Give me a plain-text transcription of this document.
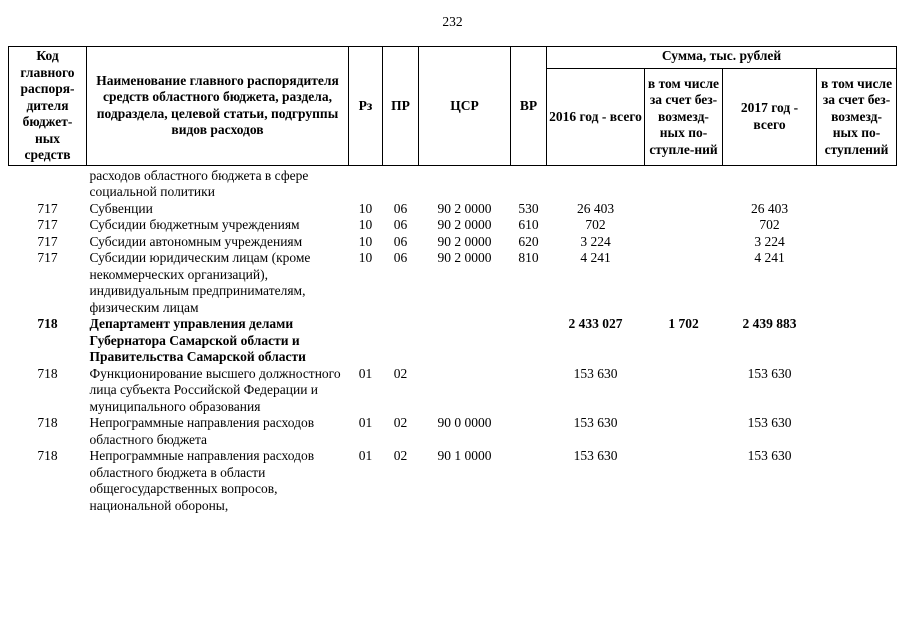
232
Код главного распоря-дителя бюджет-ных средств	Наименование главного распорядителя средств областного бюджета, раздела, подраздела, целевой статьи, подгруппы видов расходов	Рз	ПР	ЦСР	ВР	Сумма, тыс. рублей			
						2016 год - всего	в том числе за счет без-возмезд-ных по-ступле-ний	2017 год - всего	в том числе за счет без-возмезд-ных по-ступлений

	расходов областного бюджета в сфере социальной политики								
717	Субвенции	10	06	90 2 0000	530	26 403		26 403	
717	Субсидии бюджетным учреждениям	10	06	90 2 0000	610	702		702	
717	Субсидии автономным учреждениям	10	06	90 2 0000	620	3 224		3 224	
717	Субсидии юридическим лицам (кроме некоммерческих организаций), индивидуальным предпринимателям, физическим лицам	10	06	90 2 0000	810	4 241		4 241	
718	Департамент управления делами Губернатора Самарской области и Правительства Самарской области					2 433 027	1 702	2 439 883	
718	Функционирование высшего должностного лица субъекта Российской Федерации и муниципального образования	01	02			153 630		153 630	
718	Непрограммные направления расходов областного бюджета	01	02	90 0 0000		153 630		153 630	
718	Непрограммные направления расходов областного бюджета в области общегосударственных вопросов, национальной обороны,	01	02	90 1 0000		153 630		153 630	
